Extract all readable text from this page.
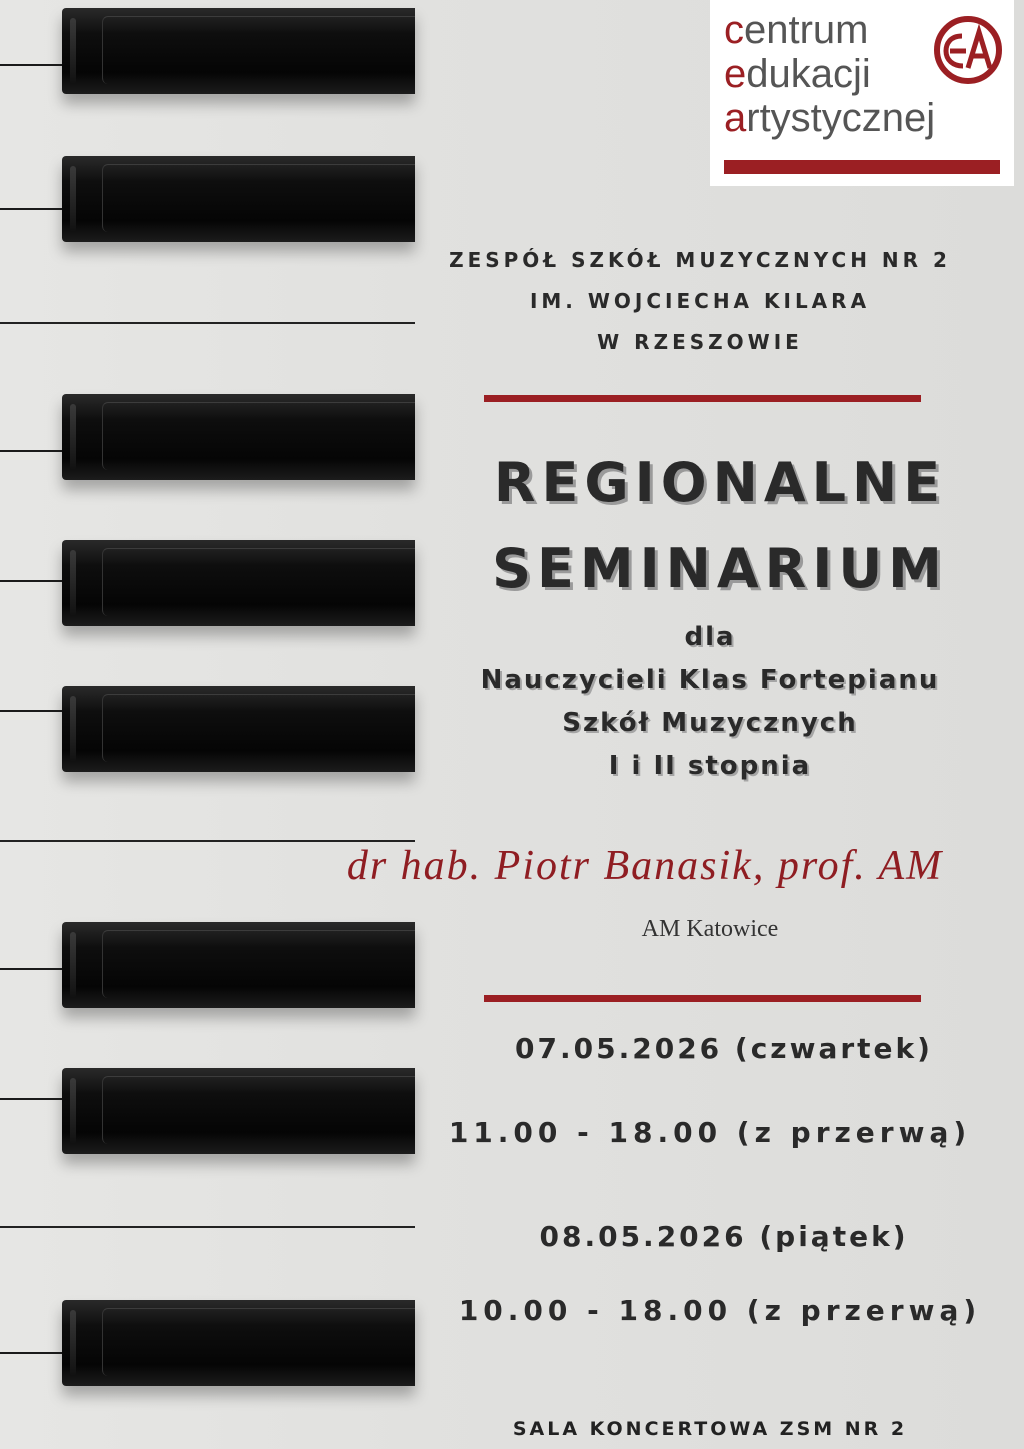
centrum
edukacji
artystycznej
ZESPÓŁ SZKÓŁ MUZYCZNYCH NR 2
IM. WOJCIECHA KILARA
W RZESZOWIE
REGIONALNE
SEMINARIUM
dla
Nauczycieli Klas Fortepianu
Szkół Muzycznych
I i II stopnia
dr hab. Piotr Banasik, prof. AM
AM Katowice
07.05.2026 (czwartek)
11.00 - 18.00 (z przerwą)
08.05.2026 (piątek)
10.00 - 18.00 (z przerwą)
SALA KONCERTOWA ZSM NR 2
